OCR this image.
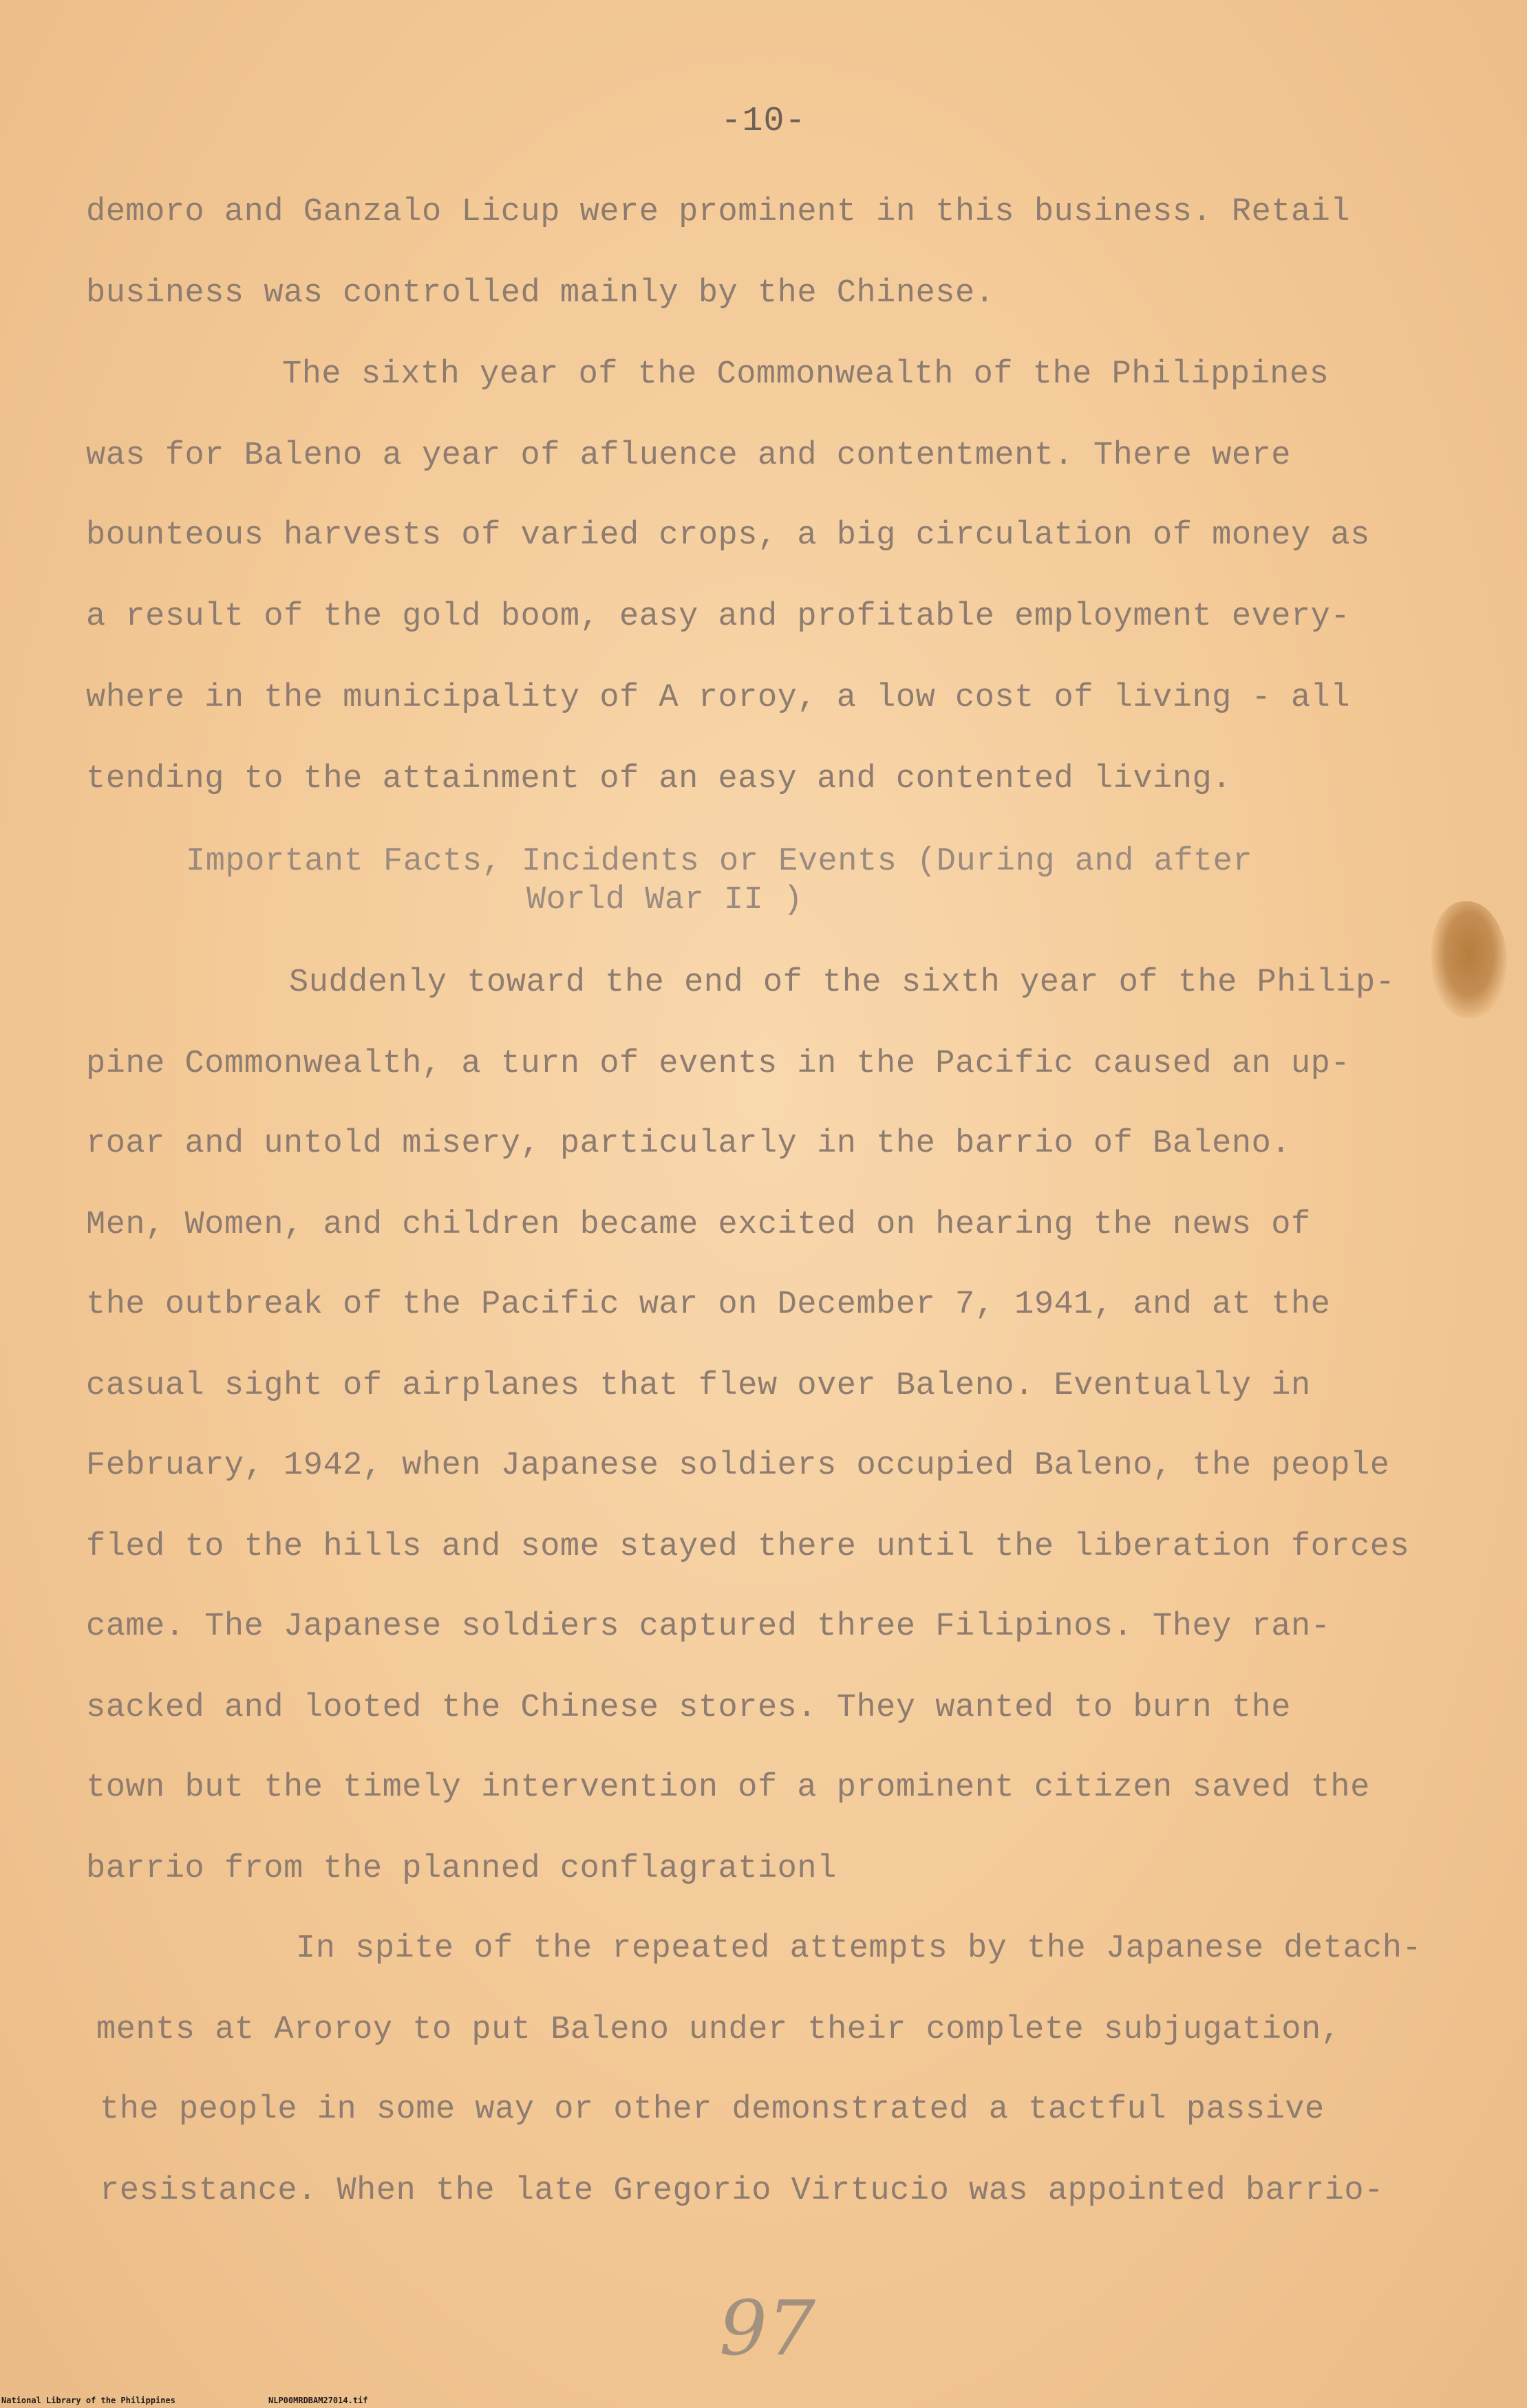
-10-
demoro and Ganzalo Licup were prominent in this business. Retail
business was controlled mainly by the Chinese.
The sixth year of the Commonwealth of the Philippines
was for Baleno a year of afluence and contentment. There were
bounteous harvests of varied crops, a big circulation of money as
a result of the gold boom, easy and profitable employment every-
where in the municipality of A roroy, a low cost of living - all
tending to the attainment of an easy and contented living.
Important Facts, Incidents or Events (During and after
World War II )
Suddenly toward the end of the sixth year of the Philip-
pine Commonwealth, a turn of events in the Pacific caused an up-
roar and untold misery, particularly in the barrio of Baleno.
Men, Women, and children became excited on hearing the news of
the outbreak of the Pacific war on December 7, 1941, and at the
casual sight of airplanes that flew over Baleno. Eventually in
February, 1942, when Japanese soldiers occupied Baleno, the people
fled to the hills and some stayed there until the liberation forces
came. The Japanese soldiers captured three Filipinos. They ran-
sacked and looted the Chinese stores. They wanted to burn the
town but the timely intervention of a prominent citizen saved the
barrio from the planned conflagrationl
In spite of the repeated attempts by the Japanese detach-
ments at Aroroy to put Baleno under their complete subjugation,
the people in some way or other demonstrated a tactful passive
resistance. When the late Gregorio Virtucio was appointed barrio-
97
National Library of the Philippines	NLP00MRDBAM27014.tif
